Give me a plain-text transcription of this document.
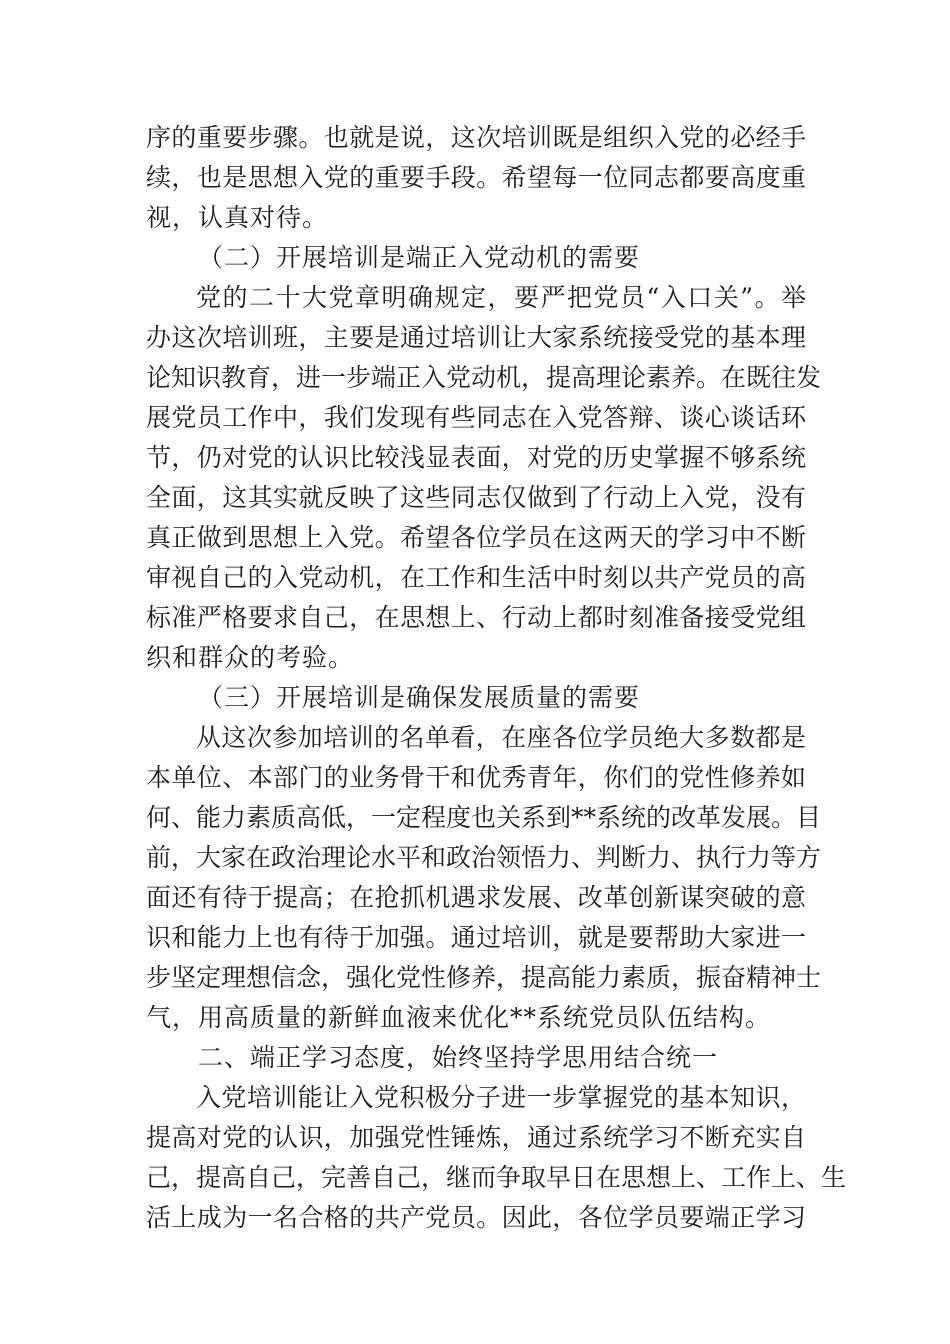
序的重要步骤。也就是说，这次培训既是组织入党的必经手
续，也是思想入党的重要手段。希望每一位同志都要高度重
视，认真对待。
（二）开展培训是端正入党动机的需要
党的二十大党章明确规定，要严把党员“入口关”。举
办这次培训班，主要是通过培训让大家系统接受党的基本理
论知识教育，进一步端正入党动机，提高理论素养。在既往发
展党员工作中，我们发现有些同志在入党答辩、谈心谈话环
节，仍对党的认识比较浅显表面，对党的历史掌握不够系统
全面，这其实就反映了这些同志仅做到了行动上入党，没有
真正做到思想上入党。希望各位学员在这两天的学习中不断
审视自己的入党动机，在工作和生活中时刻以共产党员的高
标准严格要求自己，在思想上、行动上都时刻准备接受党组
织和群众的考验。
（三）开展培训是确保发展质量的需要
从这次参加培训的名单看，在座各位学员绝大多数都是
本单位、本部门的业务骨干和优秀青年，你们的党性修养如
何、能力素质高低，一定程度也关系到**系统的改革发展。目
前，大家在政治理论水平和政治领悟力、判断力、执行力等方
面还有待于提高；在抢抓机遇求发展、改革创新谋突破的意
识和能力上也有待于加强。通过培训，就是要帮助大家进一
步坚定理想信念，强化党性修养，提高能力素质，振奋精神士
气，用高质量的新鲜血液来优化**系统党员队伍结构。
二、端正学习态度，始终坚持学思用结合统一
入党培训能让入党积极分子进一步掌握党的基本知识，
提高对党的认识，加强党性锤炼，通过系统学习不断充实自
己，提高自己，完善自己，继而争取早日在思想上、工作上、生
活上成为一名合格的共产党员。因此，各位学员要端正学习
